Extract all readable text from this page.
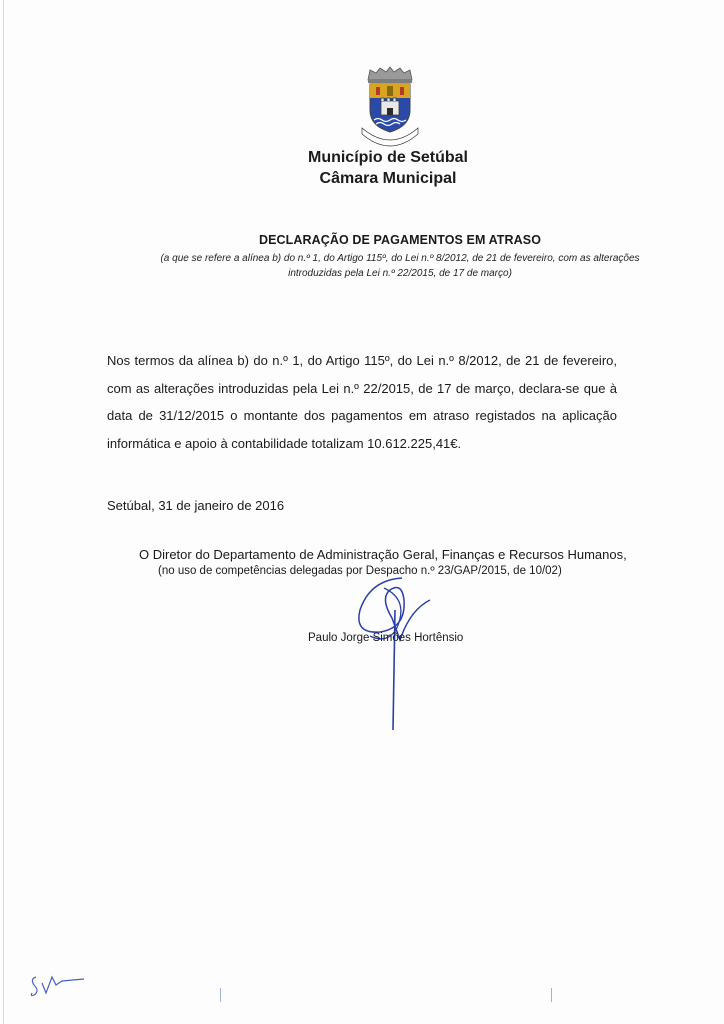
Município de Setúbal
Câmara Municipal
DECLARAÇÃO DE PAGAMENTOS EM ATRASO
(a que se refere a alínea b) do n.º 1, do Artigo 115º, do Lei n.º 8/2012, de 21 de fevereiro, com as alterações introduzidas pela Lei n.º 22/2015, de 17 de março)
Nos termos da alínea b) do n.º 1, do Artigo 115º, do Lei n.º 8/2012, de 21 de fevereiro, com as alterações introduzidas pela Lei n.º 22/2015, de 17 de março, declara-se que à data de 31/12/2015 o montante dos pagamentos em atraso registados na aplicação informática e apoio à contabilidade totalizam 10.612.225,41€.
Setúbal, 31 de janeiro de 2016
O Diretor do Departamento de Administração Geral, Finanças e Recursos Humanos,
(no uso de competências delegadas por Despacho n.º 23/GAP/2015, de 10/02)
Paulo Jorge Simões Hortênsio
